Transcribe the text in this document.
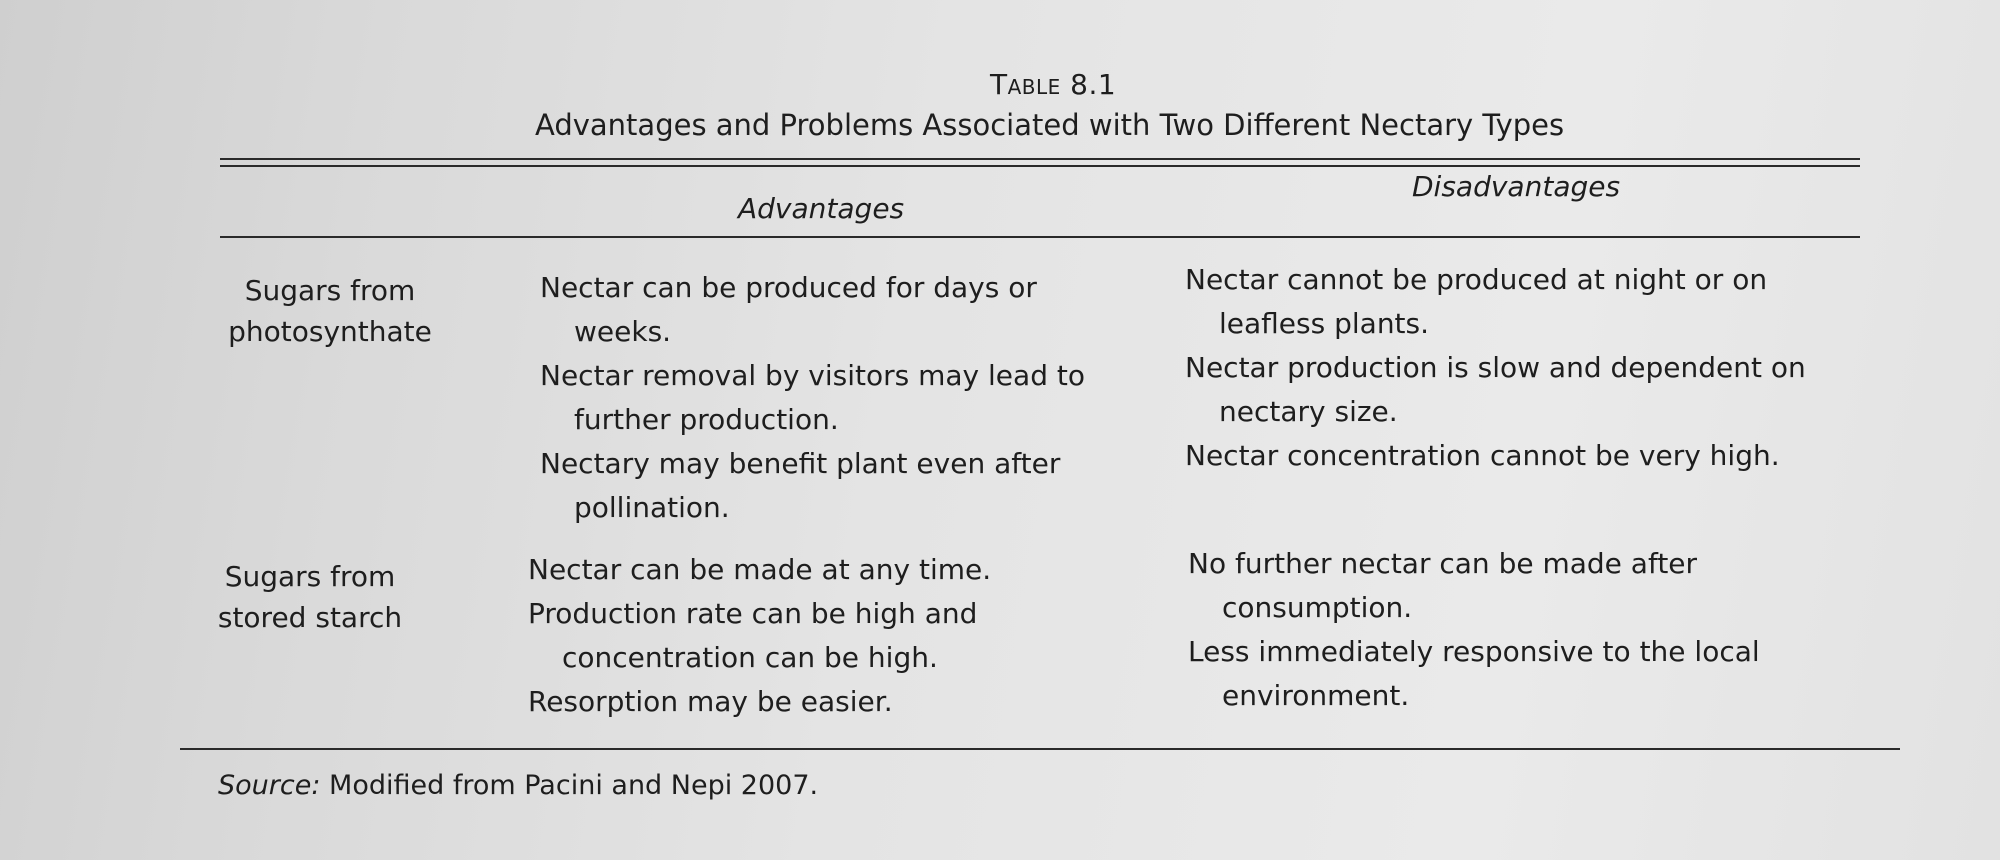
Table 8.1
Advantages and Problems Associated with Two Different Nectary Types
Advantages
Disadvantages
Sugars from
photosynthate
Nectar can be produced for days or weeks.
Nectar removal by visitors may lead to further production.
Nectary may benefit plant even after pollination.
Nectar cannot be produced at night or on leafless plants.
Nectar production is slow and dependent on nectary size.
Nectar concentration cannot be very high.
Sugars from
stored starch
Nectar can be made at any time.
Production rate can be high and concentration can be high.
Resorption may be easier.
No further nectar can be made after consumption.
Less immediately responsive to the local environment.
Source: Modified from Pacini and Nepi 2007.
